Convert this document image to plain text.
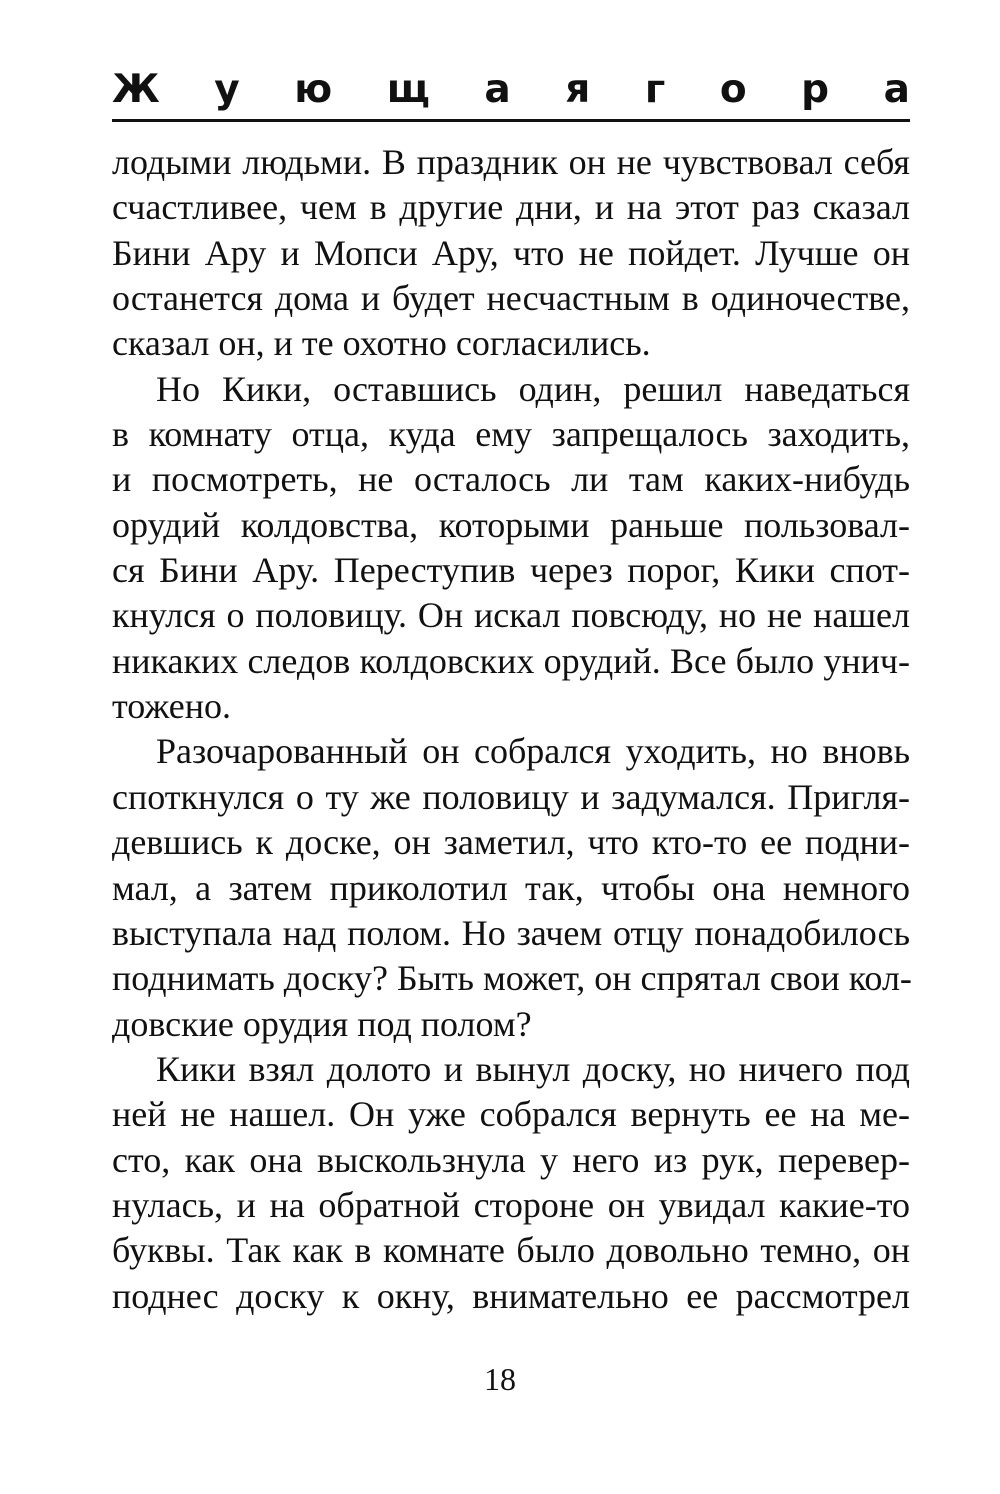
Ж у ю щ а я г о р а
лодыми людьми. В праздник он не чувствовал себя
счастливее, чем в другие дни, и на этот раз сказал
Бини Ару и Мопси Ару, что не пойдет. Лучше он
останется дома и будет несчастным в одиночестве,
сказал он, и те охотно согласились.
Но Кики, оставшись один, решил наведаться
в комнату отца, куда ему запрещалось заходить,
и посмотреть, не осталось ли там каких-нибудь
орудий колдовства, которыми раньше пользовал-
ся Бини Ару. Переступив через порог, Кики спот-
кнулся о половицу. Он искал повсюду, но не нашел
никаких следов колдовских орудий. Все было унич-
тожено.
Разочарованный он собрался уходить, но вновь
споткнулся о ту же половицу и задумался. Пригля-
девшись к доске, он заметил, что кто-то ее подни-
мал, а затем приколотил так, чтобы она немного
выступала над полом. Но зачем отцу понадобилось
поднимать доску? Быть может, он спрятал свои кол-
довские орудия под полом?
Кики взял долото и вынул доску, но ничего под
ней не нашел. Он уже собрался вернуть ее на ме-
сто, как она выскользнула у него из рук, перевер-
нулась, и на обратной стороне он увидал какие-то
буквы. Так как в комнате было довольно темно, он
поднес доску к окну, внимательно ее рассмотрел
18
